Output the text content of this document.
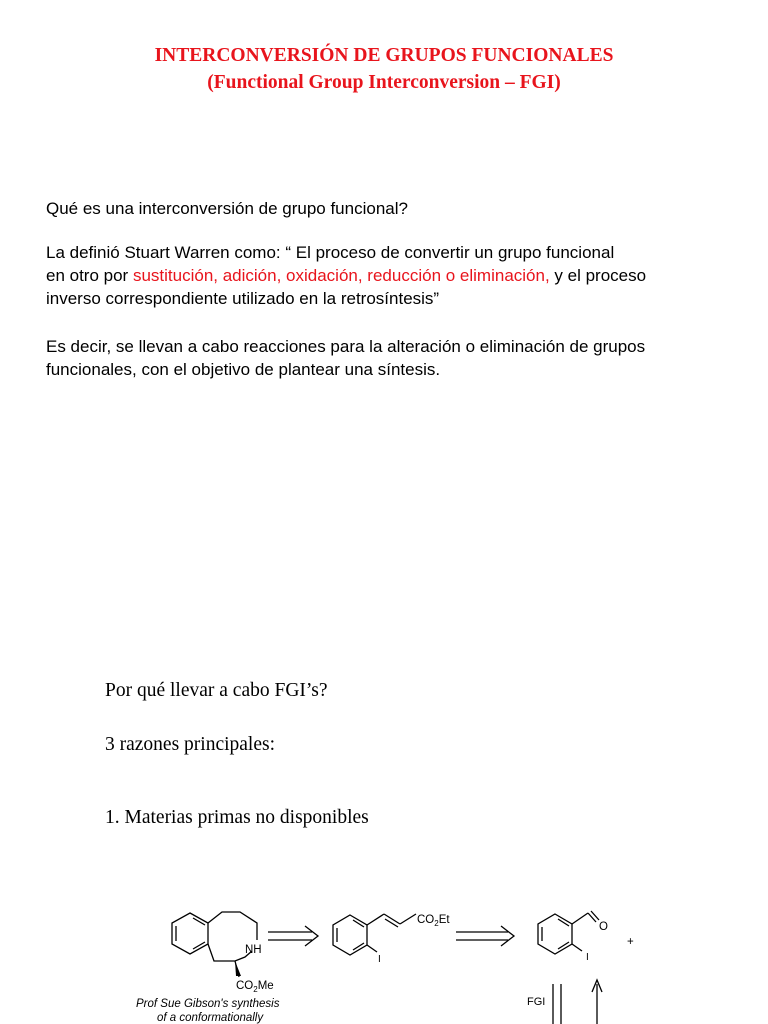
INTERCONVERSIÓN DE GRUPOS FUNCIONALES
(Functional Group Interconversion – FGI)
Qué es una interconversión de grupo funcional?
La definió Stuart Warren como: “ El proceso de convertir un grupo funcional
en otro por sustitución, adición, oxidación, reducción o eliminación, y el proceso
inverso correspondiente utilizado en la retrosíntesis”
Es decir, se llevan a cabo reacciones para la alteración o eliminación de grupos
funcionales, con el objetivo de plantear una síntesis.
Por qué llevar a cabo FGI’s?
3 razones principales:
1. Materias primas no disponibles
NH
$CO_2Me$
$CO_2Et$
I
O
I
+
FGI
Prof Sue Gibson's synthesis
of a conformationally
